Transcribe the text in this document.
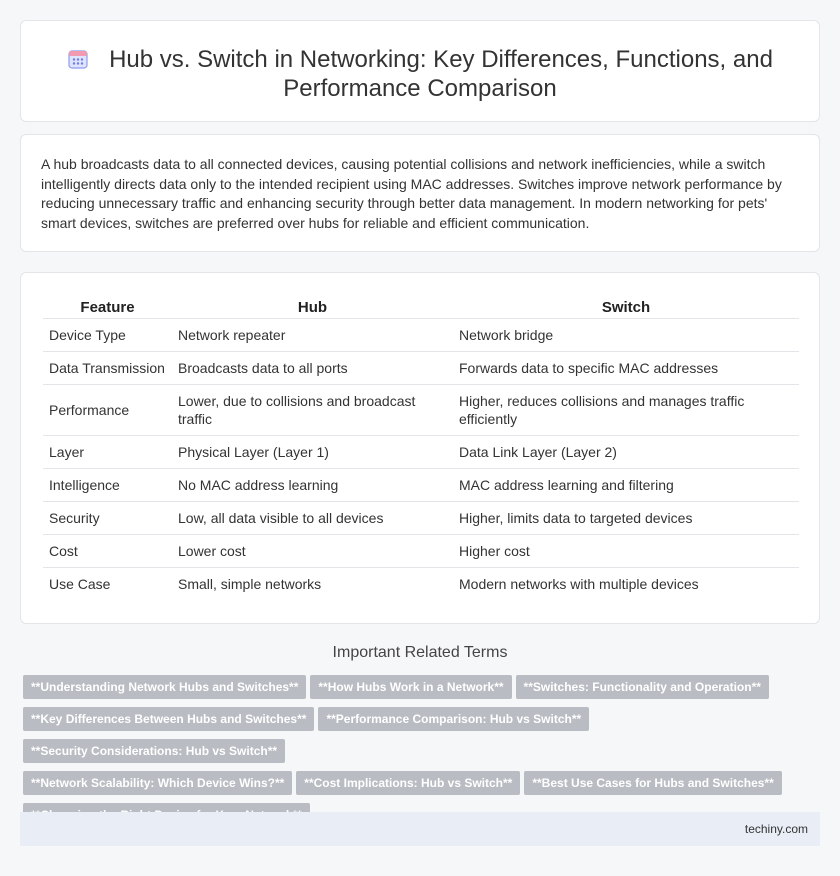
Hub vs. Switch in Networking: Key Differences, Functions, and Performance Comparison

A hub broadcasts data to all connected devices, causing potential collisions and network inefficiencies, while a switch intelligently directs data only to the intended recipient using MAC addresses. Switches improve network performance by reducing unnecessary traffic and enhancing security through better data management. In modern networking for pets' smart devices, switches are preferred over hubs for reliable and efficient communication.

Feature	Hub	Switch
Device Type	Network repeater	Network bridge
Data Transmission	Broadcasts data to all ports	Forwards data to specific MAC addresses
Performance	Lower, due to collisions and broadcast traffic	Higher, reduces collisions and manages traffic efficiently
Layer	Physical Layer (Layer 1)	Data Link Layer (Layer 2)
Intelligence	No MAC address learning	MAC address learning and filtering
Security	Low, all data visible to all devices	Higher, limits data to targeted devices
Cost	Lower cost	Higher cost
Use Case	Small, simple networks	Modern networks with multiple devices
Important Related Terms
**Understanding Network Hubs and Switches** **How Hubs Work in a Network** **Switches: Functionality and Operation**
**Key Differences Between Hubs and Switches** **Performance Comparison: Hub vs Switch****Security Considerations: Hub vs Switch**
**Network Scalability: Which Device Wins?** **Cost Implications: Hub vs Switch** **Best Use Cases for Hubs and Switches**

techiny.com
